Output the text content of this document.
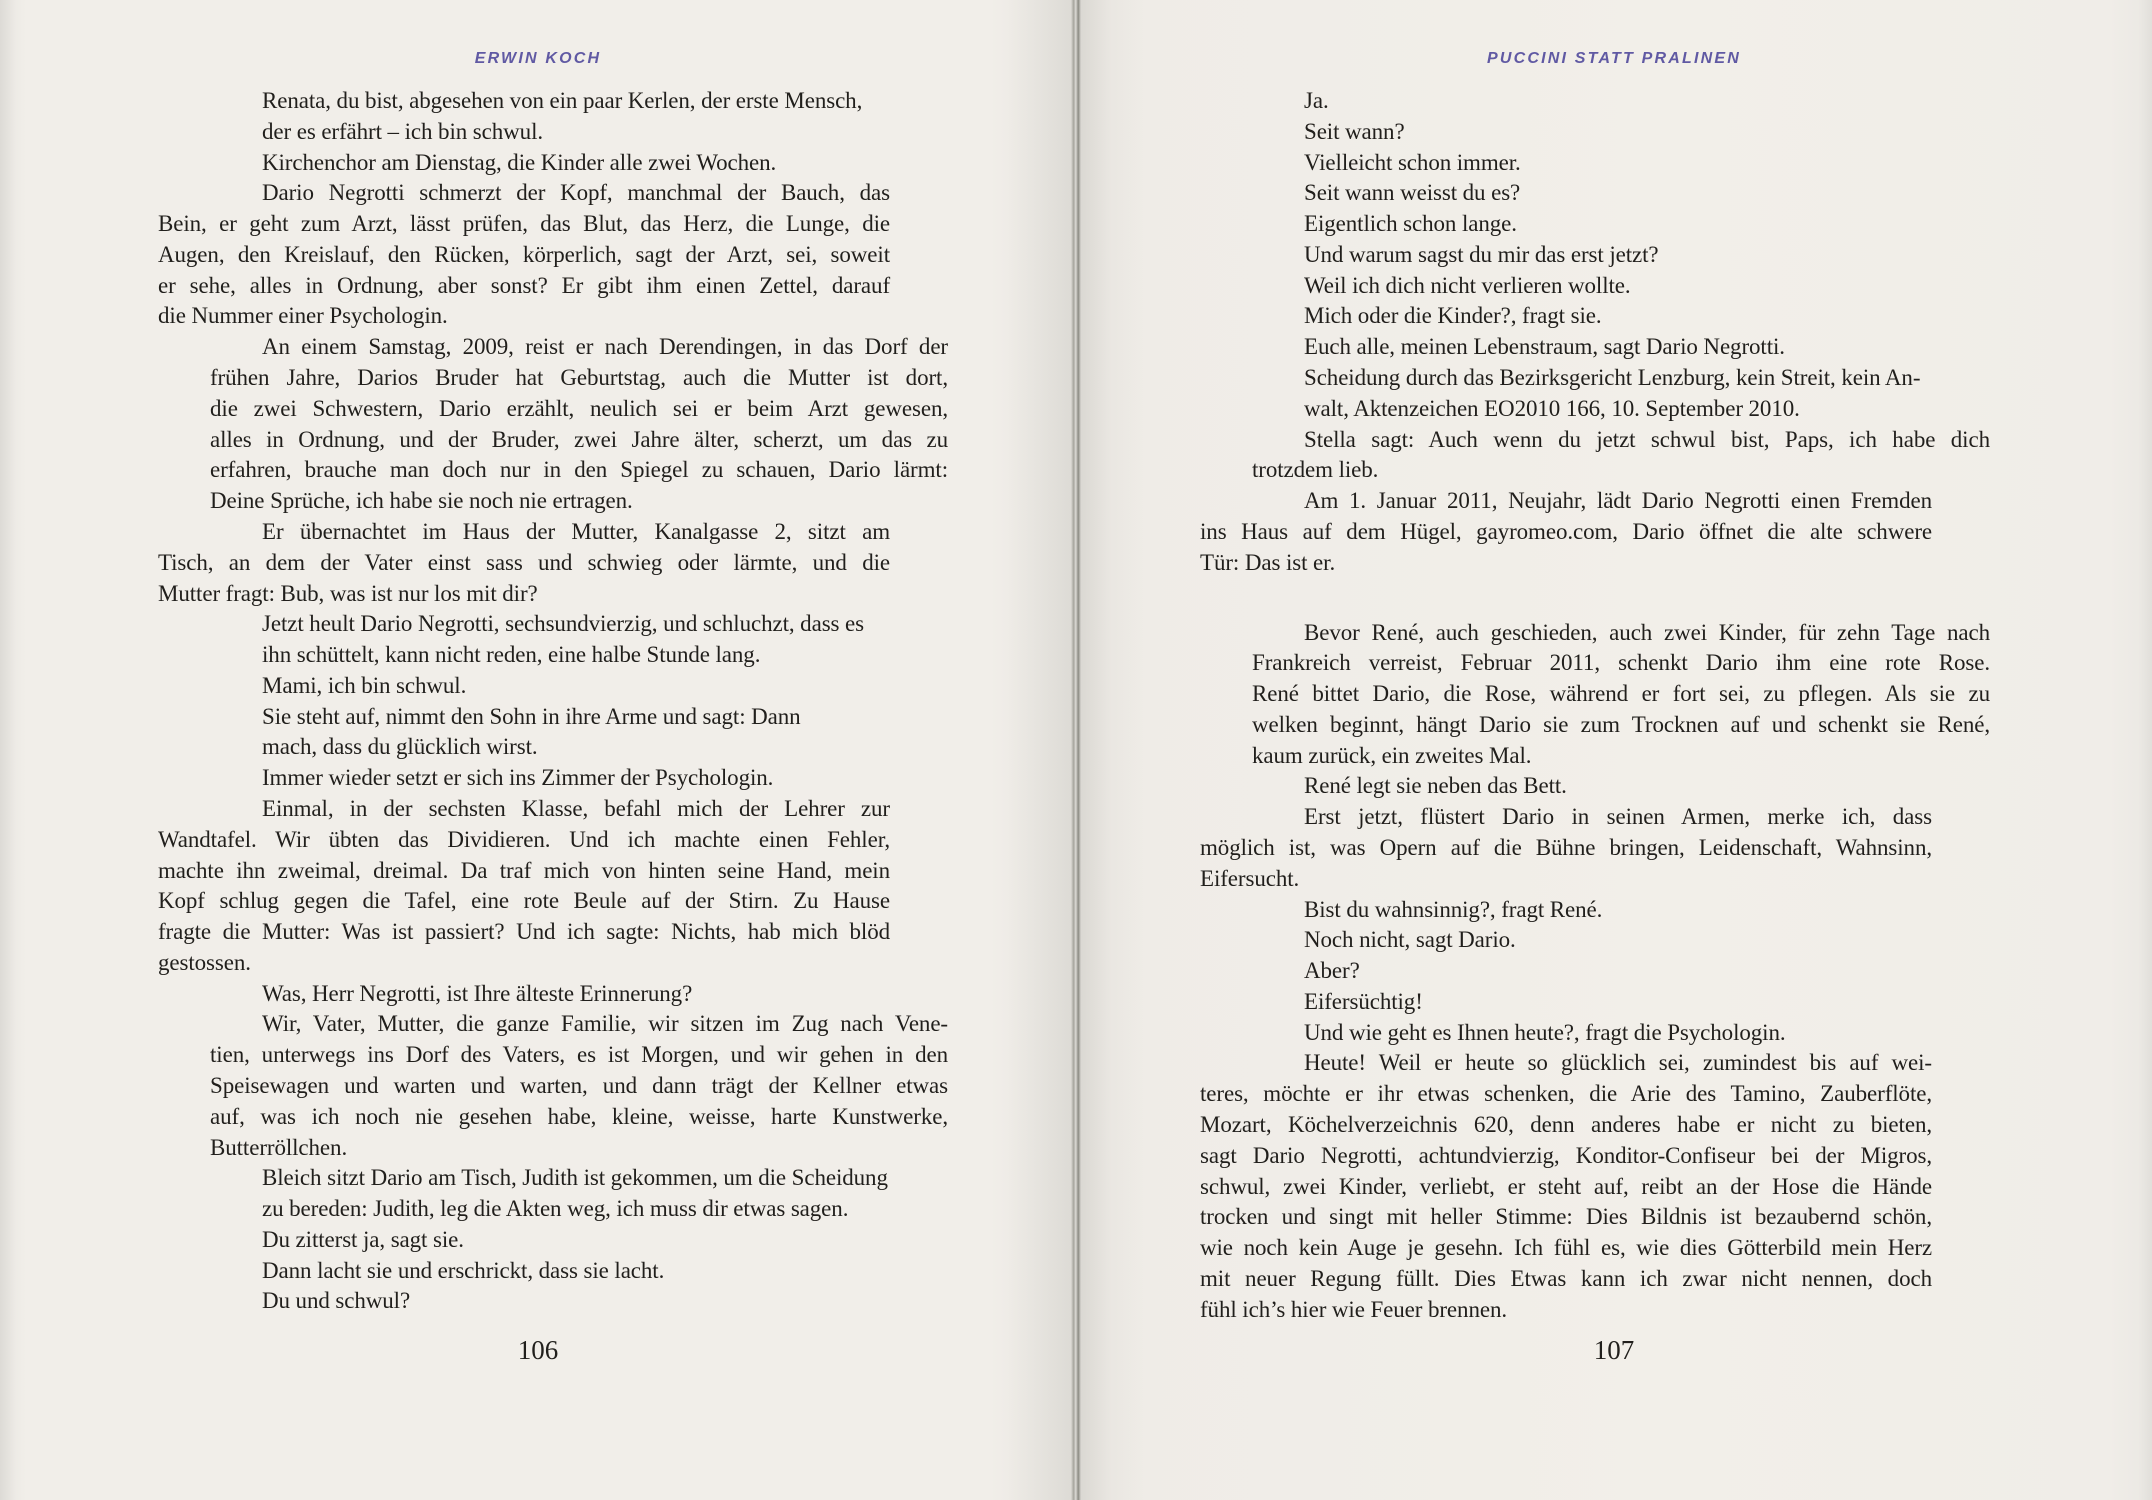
ERWIN KOCH
Renata, du bist, abgesehen von ein paar Kerlen, der erste Mensch,
der es erfährt – ich bin schwul.
Kirchenchor am Dienstag, die Kinder alle zwei Wochen.
Dario Negrotti schmerzt der Kopf, manchmal der Bauch, das
Bein, er geht zum Arzt, lässt prüfen, das Blut, das Herz, die Lunge, die
Augen, den Kreislauf, den Rücken, körperlich, sagt der Arzt, sei, soweit
er sehe, alles in Ordnung, aber sonst? Er gibt ihm einen Zettel, darauf
die Nummer einer Psychologin.
An einem Samstag, 2009, reist er nach Derendingen, in das Dorf der
frühen Jahre, Darios Bruder hat Geburtstag, auch die Mutter ist dort,
die zwei Schwestern, Dario erzählt, neulich sei er beim Arzt gewesen,
alles in Ordnung, und der Bruder, zwei Jahre älter, scherzt, um das zu
erfahren, brauche man doch nur in den Spiegel zu schauen, Dario lärmt:
Deine Sprüche, ich habe sie noch nie ertragen.
Er übernachtet im Haus der Mutter, Kanalgasse 2, sitzt am
Tisch, an dem der Vater einst sass und schwieg oder lärmte, und die
Mutter fragt: Bub, was ist nur los mit dir?
Jetzt heult Dario Negrotti, sechsundvierzig, und schluchzt, dass es
ihn schüttelt, kann nicht reden, eine halbe Stunde lang.
Mami, ich bin schwul.
Sie steht auf, nimmt den Sohn in ihre Arme und sagt: Dann
mach, dass du glücklich wirst.
Immer wieder setzt er sich ins Zimmer der Psychologin.
Einmal, in der sechsten Klasse, befahl mich der Lehrer zur
Wandtafel. Wir übten das Dividieren. Und ich machte einen Fehler,
machte ihn zweimal, dreimal. Da traf mich von hinten seine Hand, mein
Kopf schlug gegen die Tafel, eine rote Beule auf der Stirn. Zu Hause
fragte die Mutter: Was ist passiert? Und ich sagte: Nichts, hab mich blöd
gestossen.
Was, Herr Negrotti, ist Ihre älteste Erinnerung?
Wir, Vater, Mutter, die ganze Familie, wir sitzen im Zug nach Vene-
tien, unterwegs ins Dorf des Vaters, es ist Morgen, und wir gehen in den
Speisewagen und warten und warten, und dann trägt der Kellner etwas
auf, was ich noch nie gesehen habe, kleine, weisse, harte Kunstwerke,
Butterröllchen.
Bleich sitzt Dario am Tisch, Judith ist gekommen, um die Scheidung
zu bereden: Judith, leg die Akten weg, ich muss dir etwas sagen.
Du zitterst ja, sagt sie.
Dann lacht sie und erschrickt, dass sie lacht.
Du und schwul?
106
PUCCINI STATT PRALINEN
Ja.
Seit wann?
Vielleicht schon immer.
Seit wann weisst du es?
Eigentlich schon lange.
Und warum sagst du mir das erst jetzt?
Weil ich dich nicht verlieren wollte.
Mich oder die Kinder?, fragt sie.
Euch alle, meinen Lebenstraum, sagt Dario Negrotti.
Scheidung durch das Bezirksgericht Lenzburg, kein Streit, kein An-
walt, Aktenzeichen EO2010 166, 10. September 2010.
Stella sagt: Auch wenn du jetzt schwul bist, Paps, ich habe dich
trotzdem lieb.
Am 1. Januar 2011, Neujahr, lädt Dario Negrotti einen Fremden
ins Haus auf dem Hügel, gayromeo.com, Dario öffnet die alte schwere
Tür: Das ist er.
Bevor René, auch geschieden, auch zwei Kinder, für zehn Tage nach
Frankreich verreist, Februar 2011, schenkt Dario ihm eine rote Rose.
René bittet Dario, die Rose, während er fort sei, zu pflegen. Als sie zu
welken beginnt, hängt Dario sie zum Trocknen auf und schenkt sie René,
kaum zurück, ein zweites Mal.
René legt sie neben das Bett.
Erst jetzt, flüstert Dario in seinen Armen, merke ich, dass
möglich ist, was Opern auf die Bühne bringen, Leidenschaft, Wahnsinn,
Eifersucht.
Bist du wahnsinnig?, fragt René.
Noch nicht, sagt Dario.
Aber?
Eifersüchtig!
Und wie geht es Ihnen heute?, fragt die Psychologin.
Heute! Weil er heute so glücklich sei, zumindest bis auf wei-
teres, möchte er ihr etwas schenken, die Arie des Tamino, Zauberflöte,
Mozart, Köchelverzeichnis 620, denn anderes habe er nicht zu bieten,
sagt Dario Negrotti, achtundvierzig, Konditor-Confiseur bei der Migros,
schwul, zwei Kinder, verliebt, er steht auf, reibt an der Hose die Hände
trocken und singt mit heller Stimme: Dies Bildnis ist bezaubernd schön,
wie noch kein Auge je gesehn. Ich fühl es, wie dies Götterbild mein Herz
mit neuer Regung füllt. Dies Etwas kann ich zwar nicht nennen, doch
fühl ich’s hier wie Feuer brennen.
107
